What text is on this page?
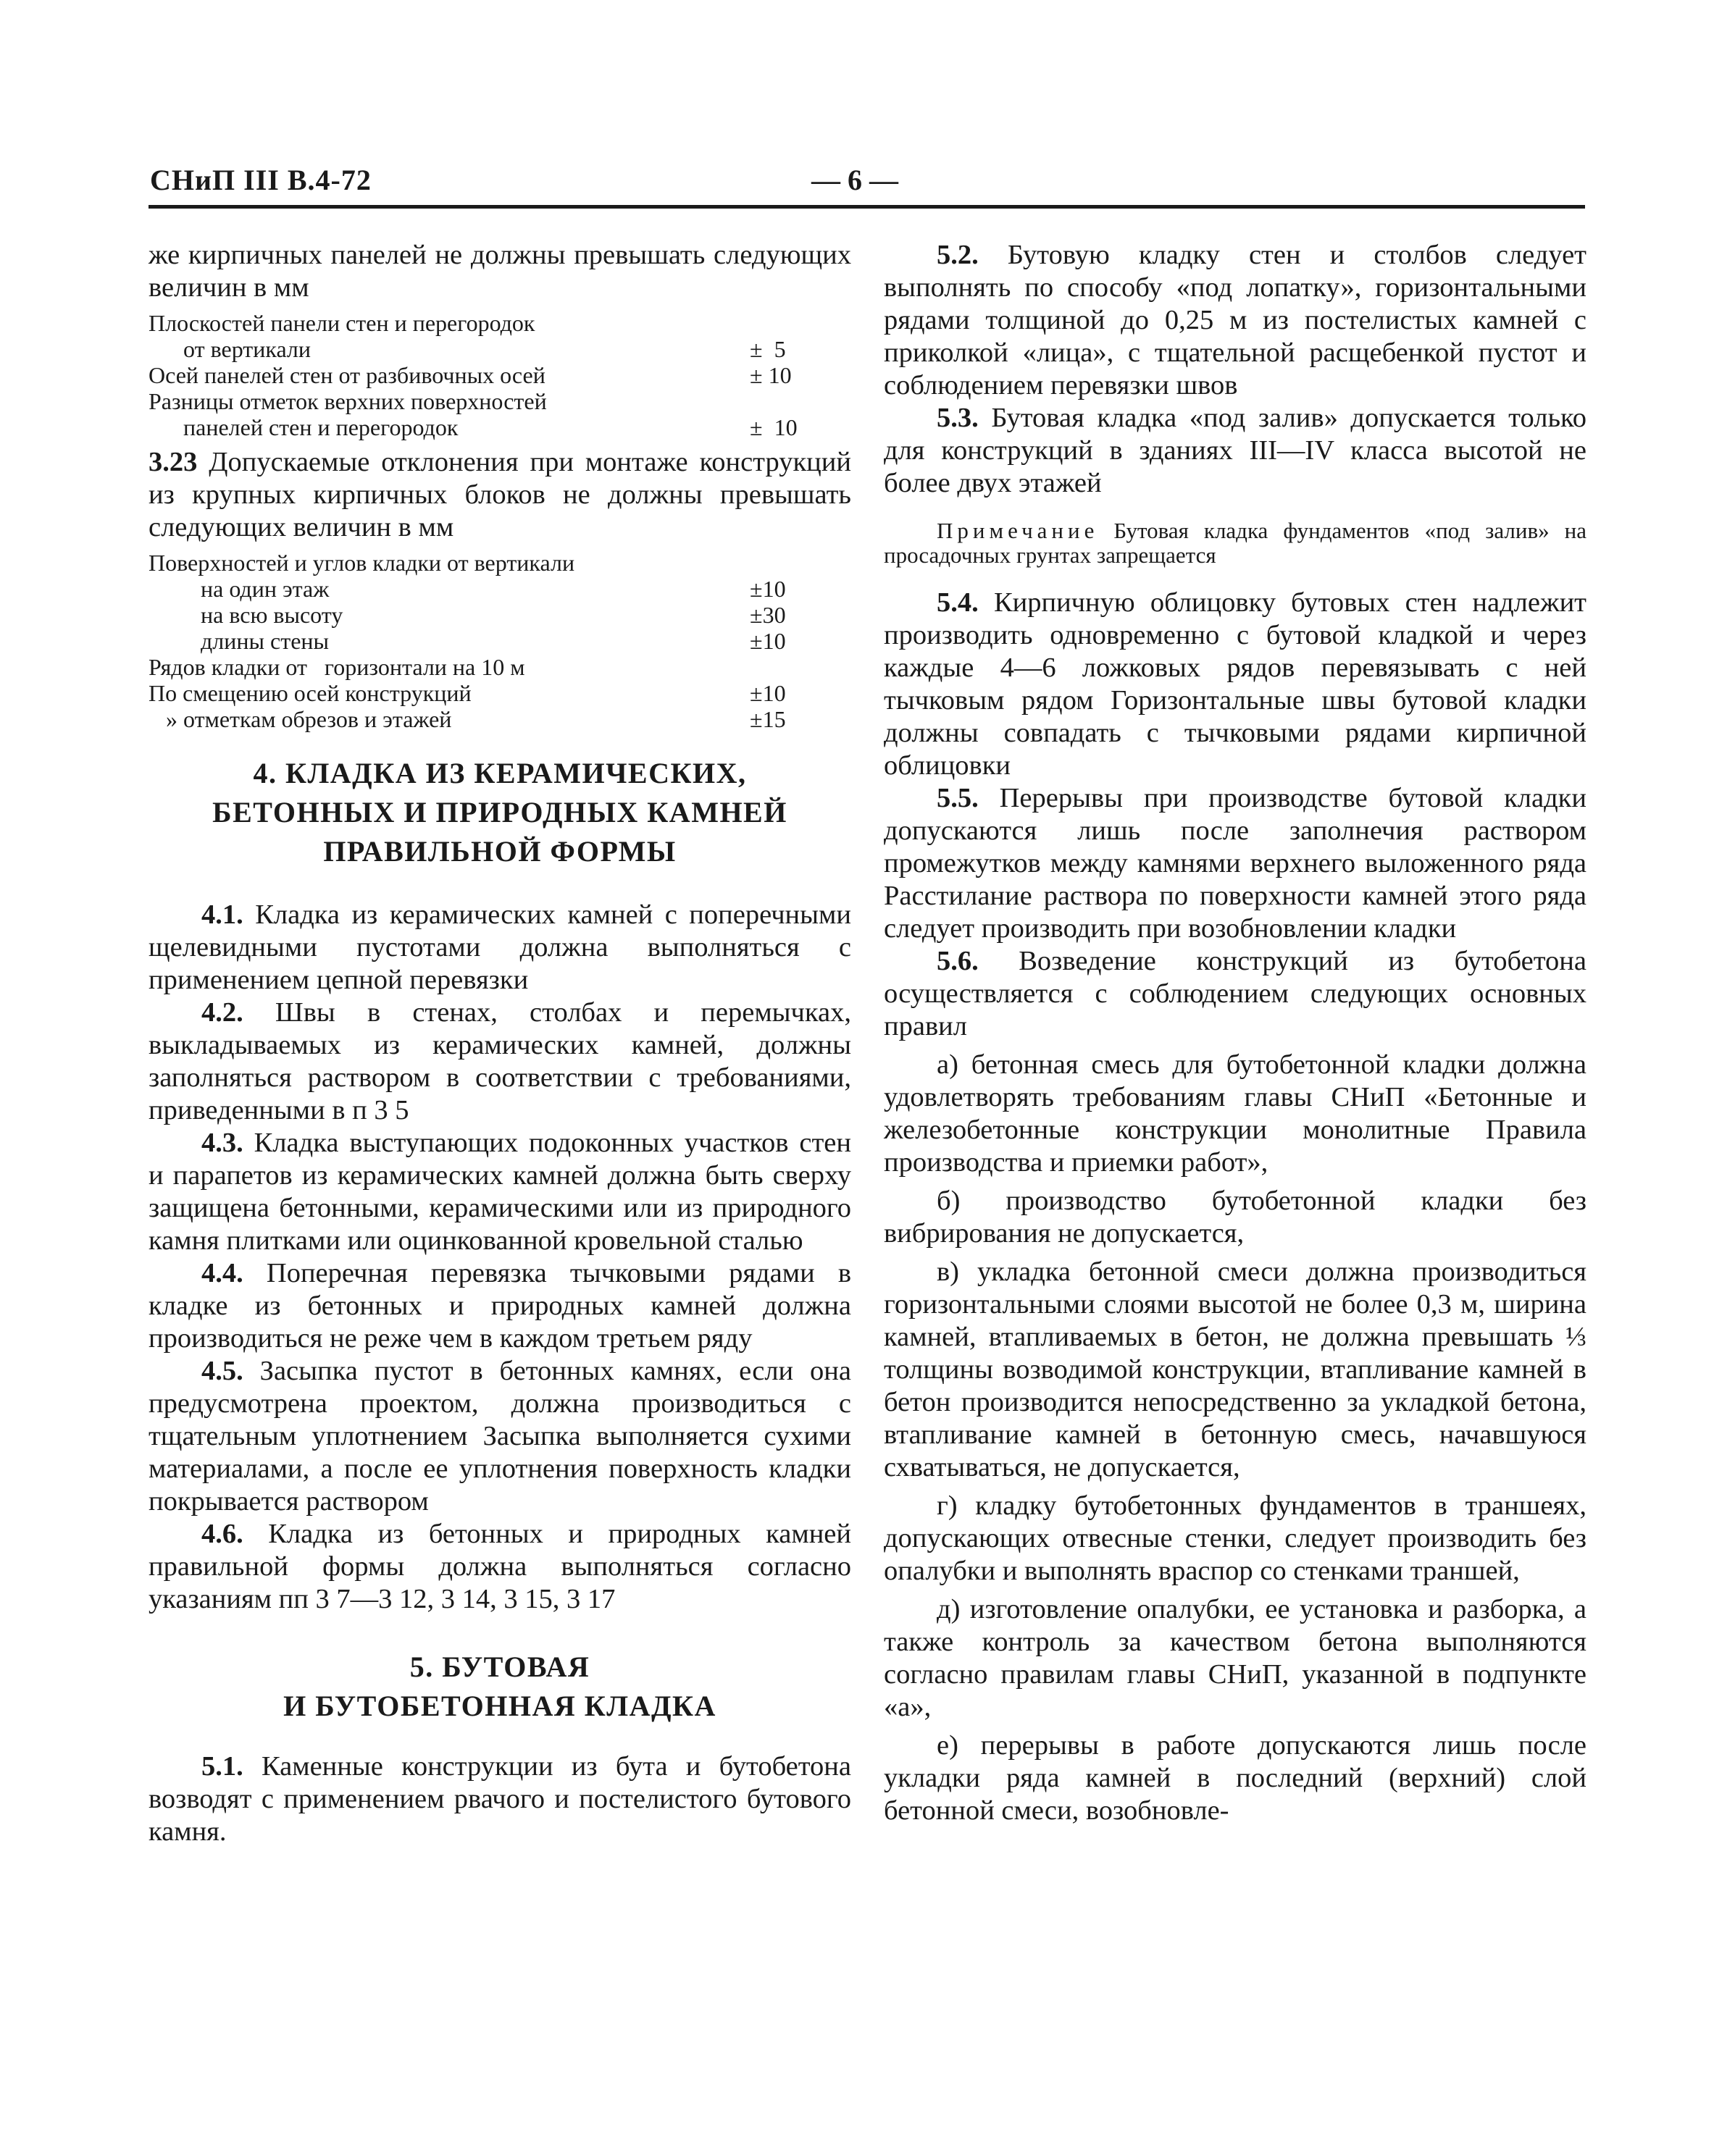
СНиП III В.4-72	— 6 —

же кирпичных панелей не должны превышать следующих величин в мм

Плоскостей панели стен и перегородок
от вертикали	±  5
Осей панелей стен от разбивочных осей	± 10
Разницы отметок верхних поверхностей
панелей стен и перегородок	±  10

3.23 Допускаемые отклонения при монтаже конструкций из крупных кирпичных блоков не должны превышать следующих величин в мм

Поверхностей и углов кладки от вертикали
на один этаж	±10
на всю высоту	±30
длины стены	±10
Рядов кладки от   горизонтали на 10 м
По смещению осей конструкций	±10
» отметкам обрезов и этажей	±15
4. КЛАДКА ИЗ КЕРАМИЧЕСКИХ,
БЕТОННЫХ И ПРИРОДНЫХ КАМНЕЙ
ПРАВИЛЬНОЙ ФОРМЫ

4.1. Кладка из керамических камней с поперечными щелевидными пустотами должна выполняться с применением цепной перевязки

4.2. Швы в стенах, столбах и перемычках, выкладываемых из керамических камней, должны заполняться раствором в соответствии с требованиями, приведенными в п 3 5

4.3. Кладка выступающих подоконных участков стен и парапетов из керамических камней должна быть сверху защищена бетонными, керамическими или из природного камня плитками или оцинкованной кровельной сталью

4.4. Поперечная перевязка тычковыми рядами в кладке из бетонных и природных камней должна производиться не реже чем в каждом третьем ряду

4.5. Засыпка пустот в бетонных камнях, если она предусмотрена проектом, должна производиться с тщательным уплотнением Засыпка выполняется сухими материалами, а после ее уплотнения поверхность кладки покрывается раствором

4.6. Кладка из бетонных и природных камней правильной формы должна выполняться согласно указаниям пп 3 7—3 12, 3 14, 3 15, 3 17

5. БУТОВАЯ
И БУТОБЕТОННАЯ КЛАДКА

5.1. Каменные конструкции из бута и бутобетона возводят с применением рвачого и постелистого бутового камня.

5.2. Бутовую кладку стен и столбов следует выполнять по способу «под лопатку», горизонтальными рядами толщиной до 0,25 м из постелистых камней с приколкой «лица», с тщательной расщебенкой пустот и соблюдением перевязки швов

5.3. Бутовая кладка «под залив» допускается только для конструкций в зданиях III—IV класса высотой не более двух этажей

Примечание Бутовая кладка фундаментов «под залив» на просадочных грунтах запрещается

5.4. Кирпичную облицовку бутовых стен надлежит производить одновременно с бутовой кладкой и через каждые 4—6 ложковых рядов перевязывать с ней тычковым рядом Горизонтальные швы бутовой кладки должны совпадать с тычковыми рядами кирпичной облицовки

5.5. Перерывы при производстве бутовой кладки допускаются лишь после заполнечия раствором промежутков между камнями верхнего выложенного ряда Расстилание раствора по поверхности камней этого ряда следует производить при возобновлении кладки

5.6. Возведение конструкций из бутобетона осуществляется с соблюдением следующих основных правил

а) бетонная смесь для бутобетонной кладки должна удовлетворять требованиям главы СНиП «Бетонные и железобетонные конструкции монолитные Правила производства и приемки работ»,

б) производство бутобетонной кладки без вибрирования не допускается,

в) укладка бетонной смеси должна производиться горизонтальными слоями высотой не более 0,3 м, ширина камней, втапливаемых в бетон, не должна превышать ⅓ толщины возводимой конструкции, втапливание камней в бетон производится непосредственно за укладкой бетона, втапливание камней в бетонную смесь, начавшуюся схватываться, не допускается,

г) кладку бутобетонных фундаментов в траншеях, допускающих отвесные стенки, следует производить без опалубки и выполнять враспор со стенками траншей,

д) изготовление опалубки, ее установка и разборка, а также контроль за качеством бетона выполняются согласно правилам главы СНиП, указанной в подпункте «а»,

е) перерывы в работе допускаются лишь после укладки ряда камней в последний (верхний) слой бетонной смеси, возобновле-
